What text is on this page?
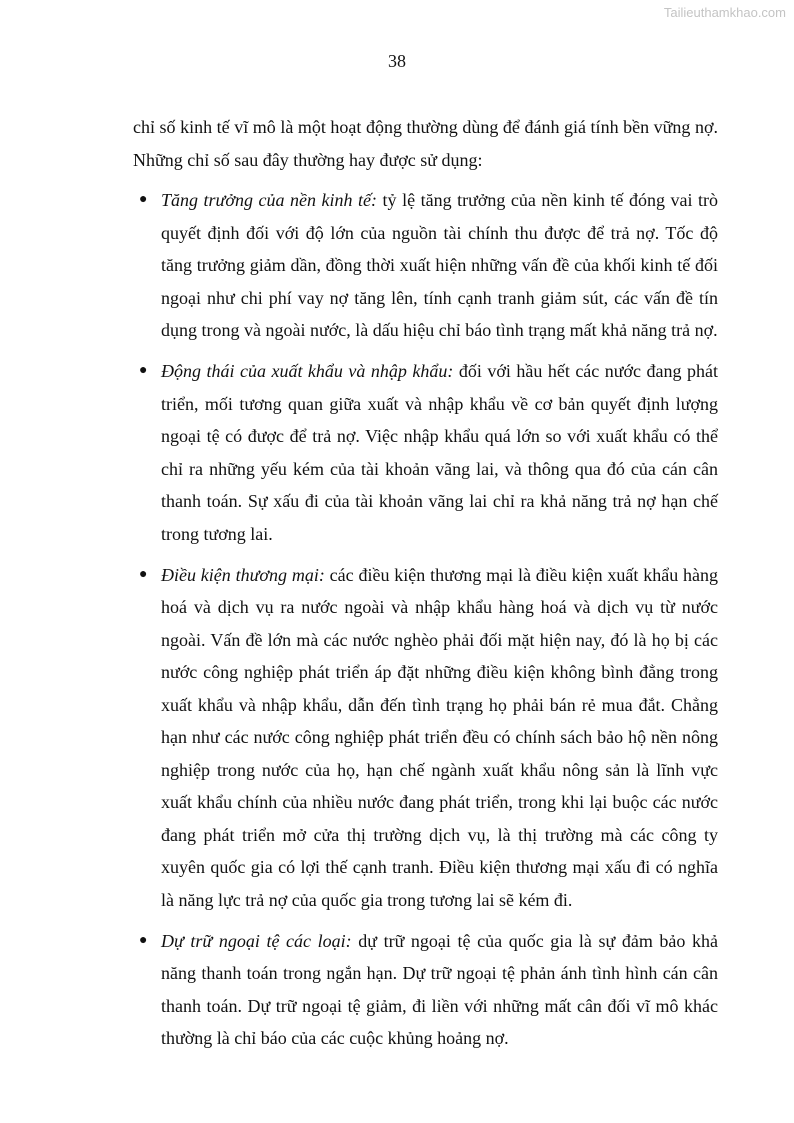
Tailieuthamkhao.com
38

chỉ số kinh tế vĩ mô là một hoạt động thường dùng để đánh giá tính bền vững nợ. Những chỉ số sau đây thường hay được sử dụng:

● Tăng trưởng của nền kinh tế: tỷ lệ tăng trưởng của nền kinh tế đóng vai trò quyết định đối với độ lớn của nguồn tài chính thu được để trả nợ. Tốc độ tăng trưởng giảm dần, đồng thời xuất hiện những vấn đề của khối kinh tế đối ngoại như chi phí vay nợ tăng lên, tính cạnh tranh giảm sút, các vấn đề tín dụng trong và ngoài nước, là dấu hiệu chỉ báo tình trạng mất khả năng trả nợ.
● Động thái của xuất khẩu và nhập khẩu: đối với hầu hết các nước đang phát triển, mối tương quan giữa xuất và nhập khẩu về cơ bản quyết định lượng ngoại tệ có được để trả nợ. Việc nhập khẩu quá lớn so với xuất khẩu có thể chỉ ra những yếu kém của tài khoản vãng lai, và thông qua đó của cán cân thanh toán. Sự xấu đi của tài khoản vãng lai chỉ ra khả năng trả nợ hạn chế trong tương lai.
● Điều kiện thương mại: các điều kiện thương mại là điều kiện xuất khẩu hàng hoá và dịch vụ ra nước ngoài và nhập khẩu hàng hoá và dịch vụ từ nước ngoài. Vấn đề lớn mà các nước nghèo phải đối mặt hiện nay, đó là họ bị các nước công nghiệp phát triển áp đặt những điều kiện không bình đẳng trong xuất khẩu và nhập khẩu, dẫn đến tình trạng họ phải bán rẻ mua đắt. Chẳng hạn như các nước công nghiệp phát triển đều có chính sách bảo hộ nền nông nghiệp trong nước của họ, hạn chế ngành xuất khẩu nông sản là lĩnh vực xuất khẩu chính của nhiều nước đang phát triển, trong khi lại buộc các nước đang phát triển mở cửa thị trường dịch vụ, là thị trường mà các công ty xuyên quốc gia có lợi thế cạnh tranh. Điều kiện thương mại xấu đi có nghĩa là năng lực trả nợ của quốc gia trong tương lai sẽ kém đi.
● Dự trữ ngoại tệ các loại: dự trữ ngoại tệ của quốc gia là sự đảm bảo khả năng thanh toán trong ngắn hạn. Dự trữ ngoại tệ phản ánh tình hình cán cân thanh toán. Dự trữ ngoại tệ giảm, đi liền với những mất cân đối vĩ mô khác thường là chỉ báo của các cuộc khủng hoảng nợ.
